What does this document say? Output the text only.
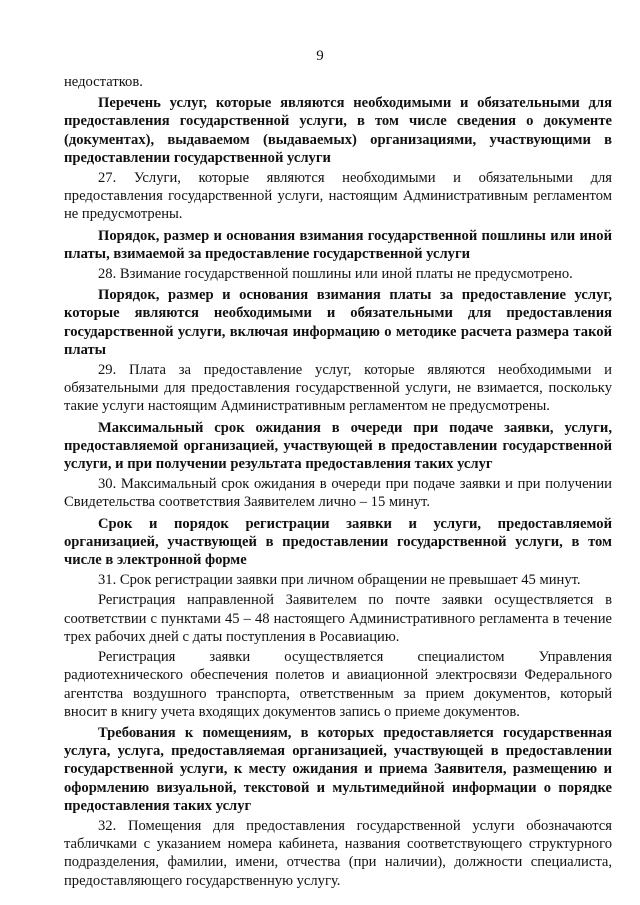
9

недостатков.

Перечень услуг, которые являются необходимыми и обязательными для предоставления государственной услуги, в том числе сведения о документе (документах), выдаваемом (выдаваемых) организациями, участвующими в предоставлении государственной услуги

27. Услуги, которые являются необходимыми и обязательными для предоставления государственной услуги, настоящим Административным регламентом не предусмотрены.

Порядок, размер и основания взимания государственной пошлины или иной платы, взимаемой за предоставление государственной услуги

28. Взимание государственной пошлины или иной платы не предусмотрено.

Порядок, размер и основания взимания платы за предоставление услуг, которые являются необходимыми и обязательными для предоставления государственной услуги, включая информацию о методике расчета размера такой платы

29. Плата за предоставление услуг, которые являются необходимыми и обязательными для предоставления государственной услуги, не взимается, поскольку такие услуги настоящим Административным регламентом не предусмотрены.

Максимальный срок ожидания в очереди при подаче заявки, услуги, предоставляемой организацией, участвующей в предоставлении государственной услуги, и при получении результата предоставления таких услуг

30. Максимальный срок ожидания в очереди при подаче заявки и при получении Свидетельства соответствия Заявителем лично – 15 минут.

Срок и порядок регистрации заявки и услуги, предоставляемой организацией, участвующей в предоставлении государственной услуги, в том числе в электронной форме

31. Срок регистрации заявки при личном обращении не превышает 45 минут.

Регистрация направленной Заявителем по почте заявки осуществляется в соответствии с пунктами 45 – 48 настоящего Административного регламента в течение трех рабочих дней с даты поступления в Росавиацию.

Регистрация заявки осуществляется специалистом Управления радиотехнического обеспечения полетов и авиационной электросвязи Федерального агентства воздушного транспорта, ответственным за прием документов, который вносит в книгу учета входящих документов запись о приеме документов.

Требования к помещениям, в которых предоставляется государственная услуга, услуга, предоставляемая организацией, участвующей в предоставлении государственной услуги, к месту ожидания и приема Заявителя, размещению и оформлению визуальной, текстовой и мультимедийной информации о порядке предоставления таких услуг

32. Помещения для предоставления государственной услуги обозначаются табличками с указанием номера кабинета, названия соответствующего структурного подразделения, фамилии, имени, отчества (при наличии), должности специалиста, предоставляющего государственную услугу.
